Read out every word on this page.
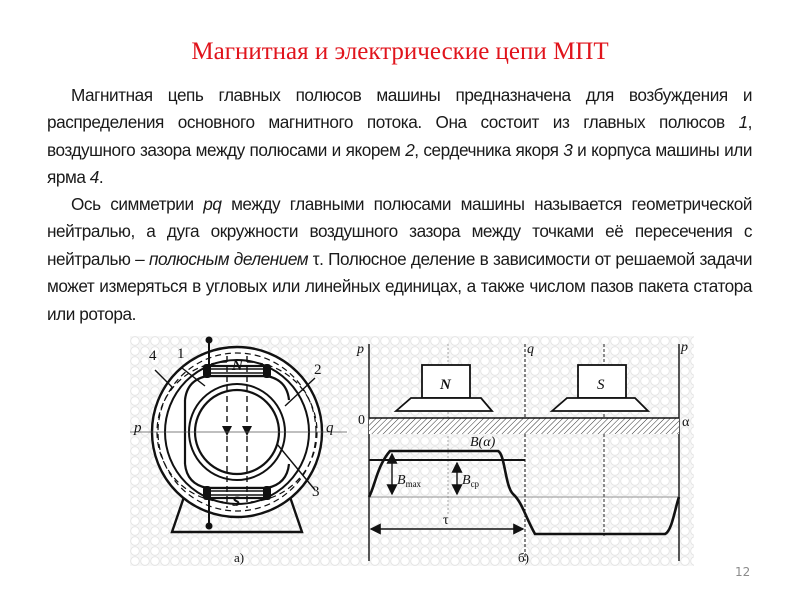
Магнитная и электрические цепи МПТ
Магнитная цепь главных полюсов машины предназначена для возбуждения и распределения основного магнитного потока. Она состоит из главных полюсов 1, воздушного зазора между полюсами и якорем 2, сердечника якоря 3 и корпуса машины или ярма 4.
Ось симметрии pq между главными полюсами машины называется геометрической нейтралью, а дуга окружности воздушного зазора между точками её пересечения с нейтралью – полюсным делением τ. Полюсное деление в зависимости от решаемой задачи может измеряться в угловых или линейных единицах, а также числом пазов пакета статора или ротора.
N
S
4 1
2
3
p	q
а)
N	S
p	q	p
0	α
B(α)
$B_{max}$	$B_{ср}$
τ
б)
12
